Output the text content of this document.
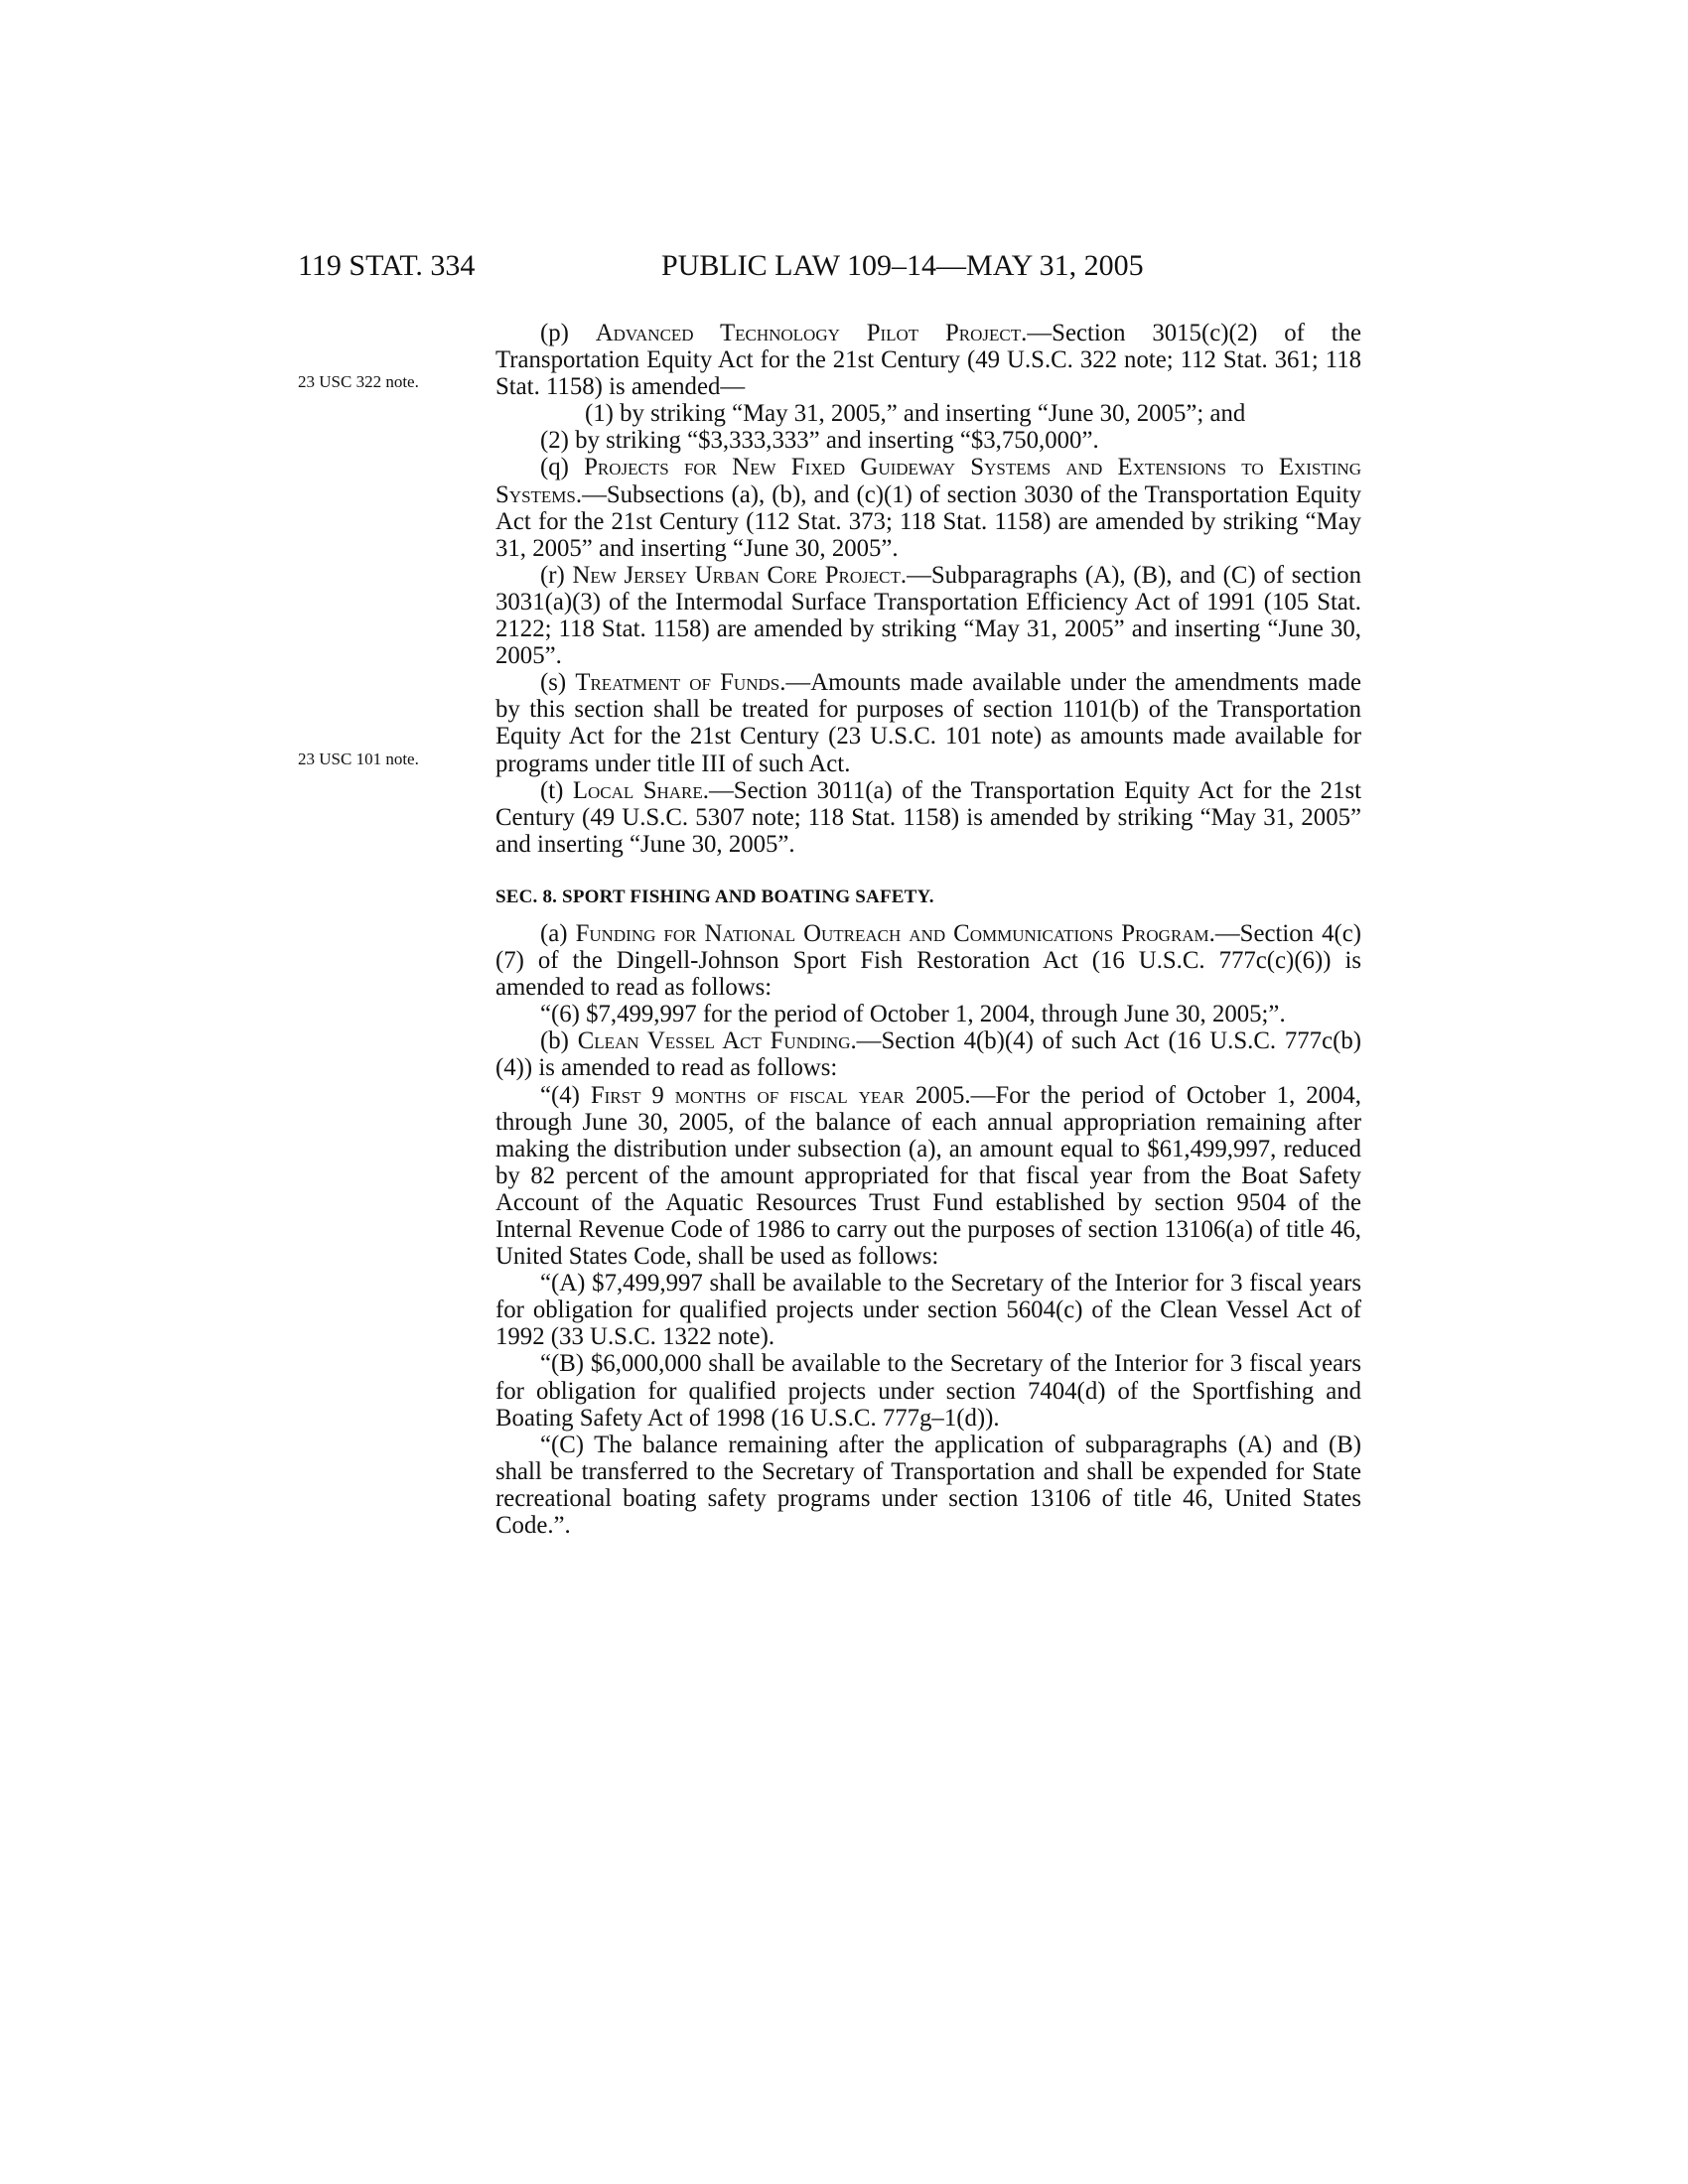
119 STAT. 334	PUBLIC LAW 109–14—MAY 31, 2005
23 USC 322 note.
23 USC 101 note.

(p) Advanced Technology Pilot Project.—Section 3015(c)(2) of the Transportation Equity Act for the 21st Century (49 U.S.C. 322 note; 112 Stat. 361; 118 Stat. 1158) is amended—

(1) by striking “May 31, 2005,” and inserting “June 30, 2005”; and

(2) by striking “$3,333,333” and inserting “$3,750,000”.

(q) Projects for New Fixed Guideway Systems and Extensions to Existing Systems.—Subsections (a), (b), and (c)(1) of section 3030 of the Transportation Equity Act for the 21st Century (112 Stat. 373; 118 Stat. 1158) are amended by striking “May 31, 2005” and inserting “June 30, 2005”.

(r) New Jersey Urban Core Project.—Subparagraphs (A), (B), and (C) of section 3031(a)(3) of the Intermodal Surface Transportation Efficiency Act of 1991 (105 Stat. 2122; 118 Stat. 1158) are amended by striking “May 31, 2005” and inserting “June 30, 2005”.

(s) Treatment of Funds.—Amounts made available under the amendments made by this section shall be treated for purposes of section 1101(b) of the Transportation Equity Act for the 21st Century (23 U.S.C. 101 note) as amounts made available for programs under title III of such Act.

(t) Local Share.—Section 3011(a) of the Transportation Equity Act for the 21st Century (49 U.S.C. 5307 note; 118 Stat. 1158) is amended by striking “May 31, 2005” and inserting “June 30, 2005”.

SEC. 8. SPORT FISHING AND BOATING SAFETY.

(a) Funding for National Outreach and Communications Program.—Section 4(c)(7) of the Dingell-Johnson Sport Fish Restoration Act (16 U.S.C. 777c(c)(6)) is amended to read as follows:

“(6) $7,499,997 for the period of October 1, 2004, through June 30, 2005;”.

(b) Clean Vessel Act Funding.—Section 4(b)(4) of such Act (16 U.S.C. 777c(b)(4)) is amended to read as follows:

“(4) First 9 months of fiscal year 2005.—For the period of October 1, 2004, through June 30, 2005, of the balance of each annual appropriation remaining after making the distribution under subsection (a), an amount equal to $61,499,997, reduced by 82 percent of the amount appropriated for that fiscal year from the Boat Safety Account of the Aquatic Resources Trust Fund established by section 9504 of the Internal Revenue Code of 1986 to carry out the purposes of section 13106(a) of title 46, United States Code, shall be used as follows:

“(A) $7,499,997 shall be available to the Secretary of the Interior for 3 fiscal years for obligation for qualified projects under section 5604(c) of the Clean Vessel Act of 1992 (33 U.S.C. 1322 note).

“(B) $6,000,000 shall be available to the Secretary of the Interior for 3 fiscal years for obligation for qualified projects under section 7404(d) of the Sportfishing and Boating Safety Act of 1998 (16 U.S.C. 777g–1(d)).

“(C) The balance remaining after the application of subparagraphs (A) and (B) shall be transferred to the Secretary of Transportation and shall be expended for State recreational boating safety programs under section 13106 of title 46, United States Code.”.
